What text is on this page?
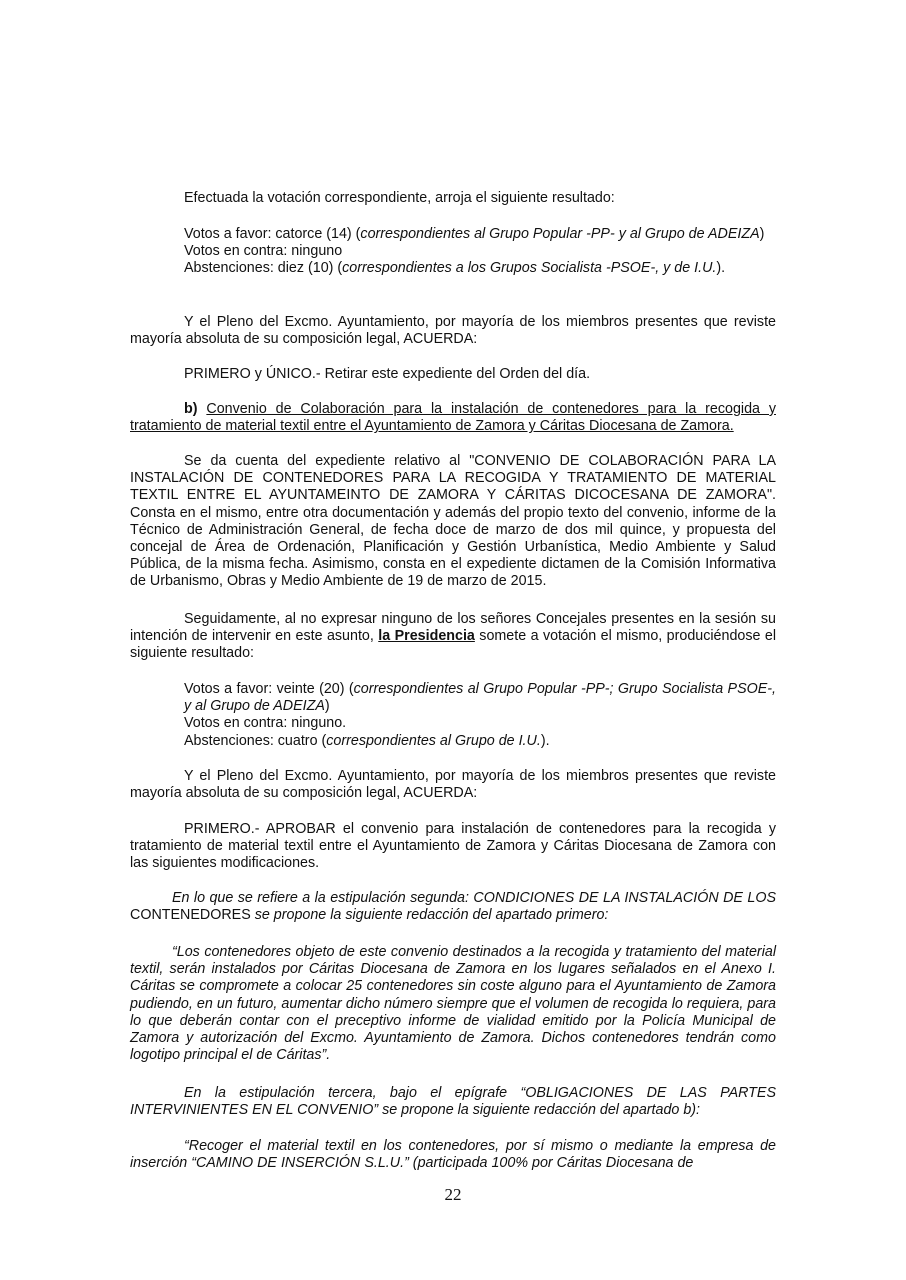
Efectuada la votación correspondiente, arroja el siguiente resultado:

Votos a favor: catorce (14) (correspondientes al Grupo Popular -PP- y al Grupo de ADEIZA)
Votos en contra: ninguno
Abstenciones: diez (10) (correspondientes a los Grupos Socialista -PSOE-, y de I.U.).

Y el Pleno del Excmo. Ayuntamiento, por mayoría de los miembros presentes que reviste mayoría absoluta de su composición legal, ACUERDA:

PRIMERO y ÚNICO.- Retirar este expediente del Orden del día.

b) Convenio de Colaboración para la instalación de contenedores para la recogida y tratamiento de material textil entre el Ayuntamiento de Zamora y Cáritas Diocesana de Zamora.

Se da cuenta del expediente relativo al "CONVENIO DE COLABORACIÓN PARA LA INSTALACIÓN DE CONTENEDORES PARA LA RECOGIDA Y TRATAMIENTO DE MATERIAL TEXTIL ENTRE EL AYUNTAMEINTO DE ZAMORA Y CÁRITAS DICOCESANA DE ZAMORA". Consta en el mismo, entre otra documentación y además del propio texto del convenio, informe de la Técnico de Administración General, de fecha doce de marzo de dos mil quince, y propuesta del concejal de Área de Ordenación, Planificación y Gestión Urbanística, Medio Ambiente y Salud Pública, de la misma fecha. Asimismo, consta en el expediente dictamen de la Comisión Informativa de Urbanismo, Obras y Medio Ambiente de 19 de marzo de 2015.

Seguidamente, al no expresar ninguno de los señores Concejales presentes en la sesión su intención de intervenir en este asunto, la Presidencia somete a votación el mismo, produciéndose el siguiente resultado:

Votos a favor: veinte (20) (correspondientes al Grupo Popular -PP-; Grupo Socialista PSOE-, y al Grupo de ADEIZA)
Votos en contra: ninguno.
Abstenciones: cuatro (correspondientes al Grupo de I.U.).

Y el Pleno del Excmo. Ayuntamiento, por mayoría de los miembros presentes que reviste mayoría absoluta de su composición legal, ACUERDA:

PRIMERO.- APROBAR el convenio para instalación de contenedores para la recogida y tratamiento de material textil entre el Ayuntamiento de Zamora y Cáritas Diocesana de Zamora con las siguientes modificaciones.

En lo que se refiere a la estipulación segunda: CONDICIONES DE LA INSTALACIÓN DE LOS CONTENEDORES se propone la siguiente redacción del apartado primero:

“Los contenedores objeto de este convenio destinados a la recogida y tratamiento del material textil, serán instalados por Cáritas Diocesana de Zamora en los lugares señalados en el Anexo I. Cáritas se compromete a colocar 25 contenedores sin coste alguno para el Ayuntamiento de Zamora pudiendo, en un futuro, aumentar dicho número siempre que el volumen de recogida lo requiera, para lo que deberán contar con el preceptivo informe de vialidad emitido por la Policía Municipal de Zamora y autorización del Excmo. Ayuntamiento de Zamora. Dichos contenedores tendrán como logotipo principal el de Cáritas”.

En la estipulación tercera, bajo el epígrafe “OBLIGACIONES DE LAS PARTES INTERVINIENTES EN EL CONVENIO” se propone la siguiente redacción del apartado b):

“Recoger el material textil en los contenedores, por sí mismo o mediante la empresa de inserción “CAMINO DE INSERCIÓN S.L.U.” (participada 100% por Cáritas Diocesana de

22
